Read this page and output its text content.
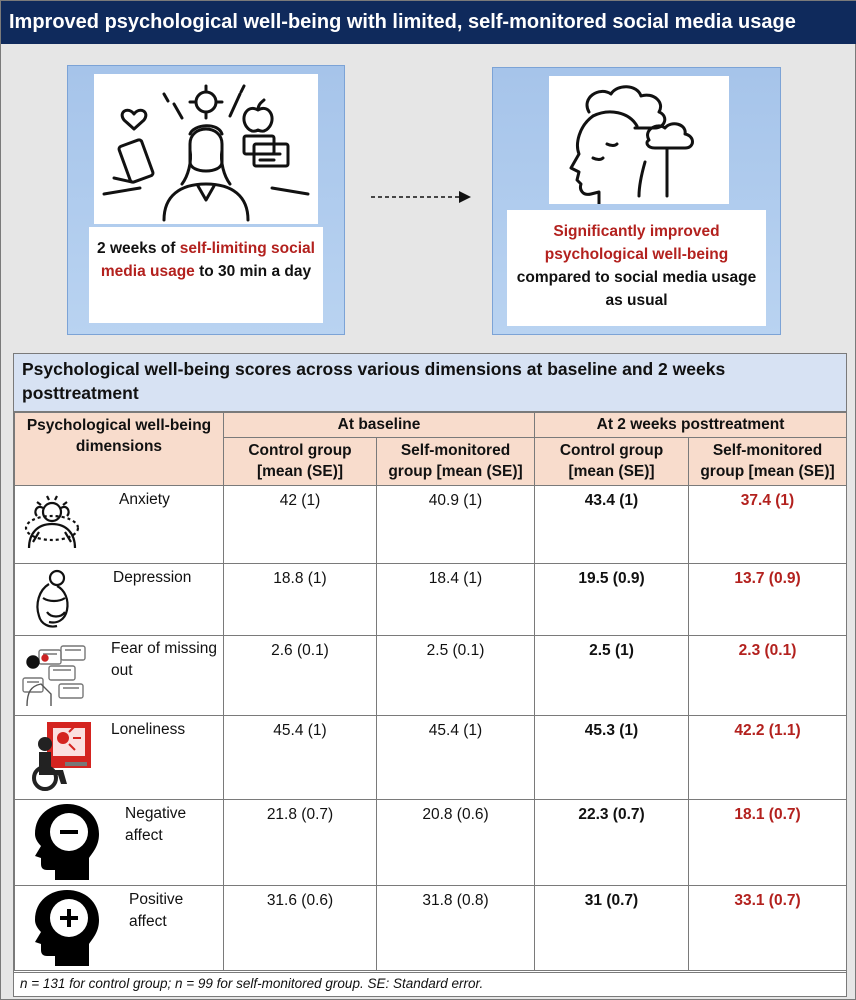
Improved psychological well-being with limited, self-monitored social media usage
2 weeks of self-limiting social media usage to 30 min a day
Significantly improved psychological well-being
compared to social media usage as usual
Psychological well-being scores across various dimensions at baseline and 2 weeks posttreatment
Psychological well-being dimensions	At baseline		At 2 weeks posttreatment	
	Control group [mean (SE)]	Self-monitored group [mean (SE)]	Control group [mean (SE)]	Self-monitored group [mean (SE)]

Anxiety	42 (1)	40.9 (1)	43.4 (1)	37.4 (1)

Depression	18.8 (1)	18.4 (1)	19.5 (0.9)	13.7 (0.9)

Fear of missing out	2.6 (0.1)	2.5 (0.1)	2.5 (1)	2.3 (0.1)

Loneliness	45.4 (1)	45.4 (1)	45.3 (1)	42.2 (1.1)

Negative affect	21.8 (0.7)	20.8 (0.6)	22.3 (0.7)	18.1 (0.7)

Positive affect	31.6 (0.6)	31.8 (0.8)	31 (0.7)	33.1 (0.7)
n = 131 for control group; n = 99 for self-monitored group. SE: Standard error.
